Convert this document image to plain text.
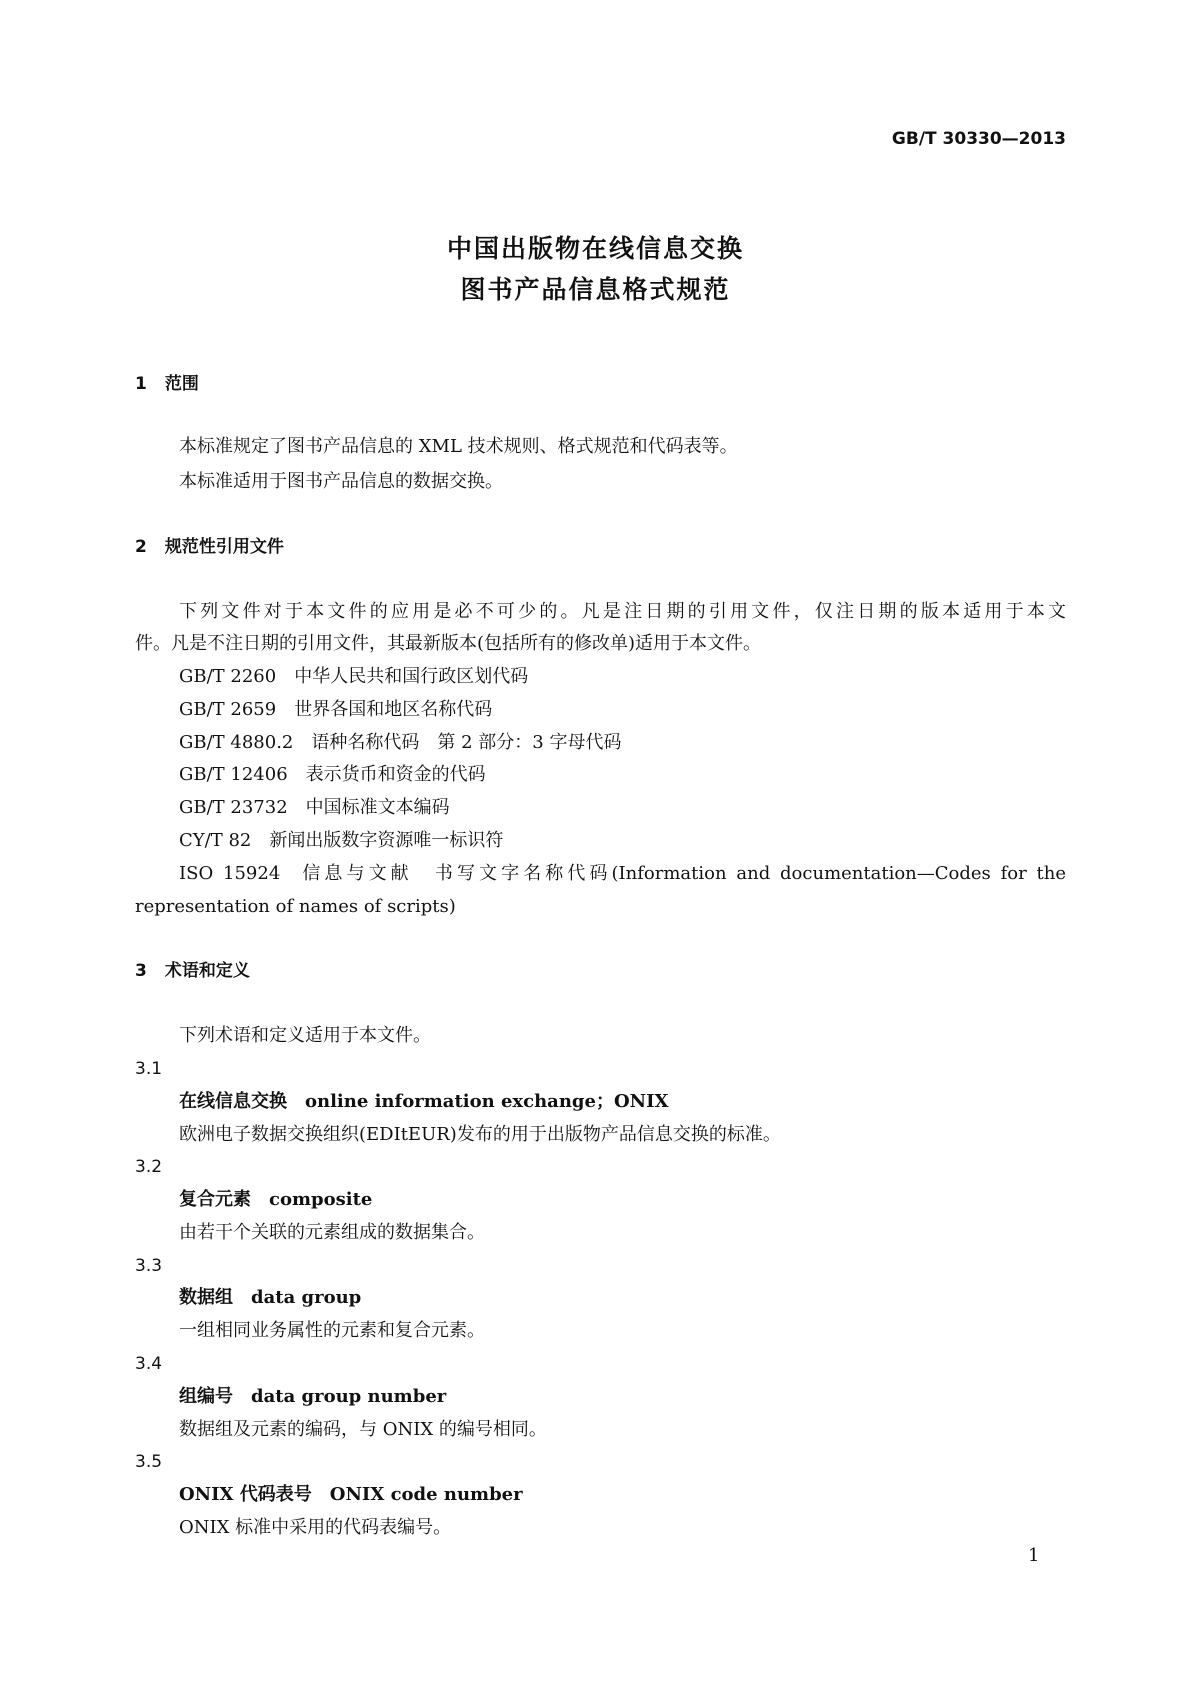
GB/T 30330—2013
中国出版物在线信息交换
图书产品信息格式规范
1 范围
本标准规定了图书产品信息的 XML 技术规则、格式规范和代码表等。
本标准适用于图书产品信息的数据交换。
2 规范性引用文件
下列文件对于本文件的应用是必不可少的。凡是注日期的引用文件，仅注日期的版本适用于本文
件。凡是不注日期的引用文件，其最新版本(包括所有的修改单)适用于本文件。
GB/T 2260 中华人民共和国行政区划代码
GB/T 2659 世界各国和地区名称代码
GB/T 4880.2 语种名称代码　第 2 部分：3 字母代码
GB/T 12406 表示货币和资金的代码
GB/T 23732 中国标准文本编码
CY/T 82 新闻出版数字资源唯一标识符
ISO 15924 信息与文献　书写文字名称代码(Information and documentation—Codes for the
representation of names of scripts)
3 术语和定义
下列术语和定义适用于本文件。
3.1
在线信息交换 online information exchange；ONIX
欧洲电子数据交换组织(EDItEUR)发布的用于出版物产品信息交换的标准。
3.2
复合元素 composite
由若干个关联的元素组成的数据集合。
3.3
数据组 data group
一组相同业务属性的元素和复合元素。
3.4
组编号 data group number
数据组及元素的编码，与 ONIX 的编号相同。
3.5
ONIX 代码表号 ONIX code number
ONIX 标准中采用的代码表编号。
1
